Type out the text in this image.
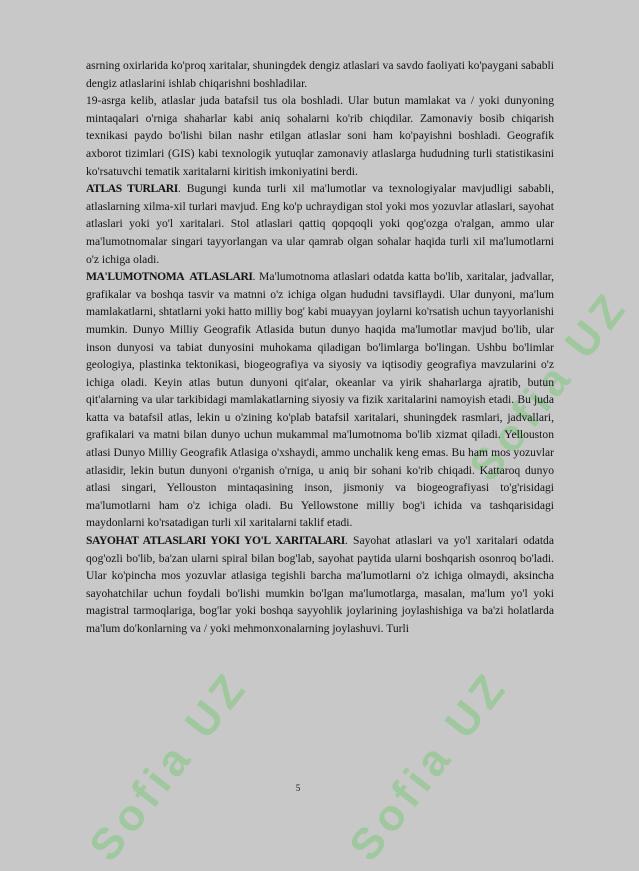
Sofia UZ Sofia UZ
Sofia UZ

asrning oxirlarida ko'proq xaritalar, shuningdek dengiz atlaslari va savdo faoliyati ko'paygani sababli dengiz atlaslarini ishlab chiqarishni boshladilar.

19-asrga kelib, atlaslar juda batafsil tus ola boshladi. Ular butun mamlakat va / yoki dunyoning mintaqalari o'rniga shaharlar kabi aniq sohalarni ko'rib chiqdilar. Zamonaviy bosib chiqarish texnikasi paydo bo'lishi bilan nashr etilgan atlaslar soni ham ko'payishni boshladi. Geografik axborot tizimlari (GIS) kabi texnologik yutuqlar zamonaviy atlaslarga hududning turli statistikasini ko'rsatuvchi tematik xaritalarni kiritish imkoniyatini berdi.

ATLAS TURLARI. Bugungi kunda turli xil ma'lumotlar va texnologiyalar mavjudligi sababli, atlaslarning xilma-xil turlari mavjud. Eng ko'p uchraydigan stol yoki mos yozuvlar atlaslari, sayohat atlaslari yoki yo'l xaritalari. Stol atlaslari qattiq qopqoqli yoki qog'ozga o'ralgan, ammo ular ma'lumotnomalar singari tayyorlangan va ular qamrab olgan sohalar haqida turli xil ma'lumotlarni o'z ichiga oladi.

MA'LUMOTNOMA  ATLASLARI. Ma'lumotnoma atlaslari odatda katta bo'lib, xaritalar, jadvallar, grafikalar va boshqa tasvir va matnni o'z ichiga olgan hududni tavsiflaydi. Ular dunyoni, ma'lum mamlakatlarni, shtatlarni yoki hatto milliy bog' kabi muayyan joylarni ko'rsatish uchun tayyorlanishi mumkin. Dunyo Milliy Geografik Atlasida butun dunyo haqida ma'lumotlar mavjud bo'lib, ular inson dunyosi va tabiat dunyosini muhokama qiladigan bo'limlarga bo'lingan. Ushbu bo'limlar geologiya, plastinka tektonikasi, biogeografiya va siyosiy va iqtisodiy geografiya mavzularini o'z ichiga oladi. Keyin atlas butun dunyoni qit'alar, okeanlar va yirik shaharlarga ajratib, butun qit'alarning va ular tarkibidagi mamlakatlarning siyosiy va fizik xaritalarini namoyish etadi. Bu juda katta va batafsil atlas, lekin u o'zining ko'plab batafsil xaritalari, shuningdek rasmlari, jadvallari, grafikalari va matni bilan dunyo uchun mukammal ma'lumotnoma bo'lib xizmat qiladi. Yellouston atlasi Dunyo Milliy Geografik Atlasiga o'xshaydi, ammo unchalik keng emas. Bu ham mos yozuvlar atlasidir, lekin butun dunyoni o'rganish o'rniga, u aniq bir sohani ko'rib chiqadi. Kattaroq dunyo atlasi singari, Yellouston mintaqasining inson, jismoniy va biogeografiyasi to'g'risidagi ma'lumotlarni ham o'z ichiga oladi. Bu Yellowstone milliy bog'i ichida va tashqarisidagi maydonlarni ko'rsatadigan turli xil xaritalarni taklif etadi.

SAYOHAT ATLASLARI YOKI YO'L XARITALARI. Sayohat atlaslari va yo'l xaritalari odatda qog'ozli bo'lib, ba'zan ularni spiral bilan bog'lab, sayohat paytida ularni boshqarish osonroq bo'ladi. Ular ko'pincha mos yozuvlar atlasiga tegishli barcha ma'lumotlarni o'z ichiga olmaydi, aksincha sayohatchilar uchun foydali bo'lishi mumkin bo'lgan ma'lumotlarga, masalan, ma'lum yo'l yoki magistral tarmoqlariga, bog'lar yoki boshqa sayyohlik joylarining joylashishiga va ba'zi holatlarda ma'lum do'konlarning va / yoki mehmonxonalarning joylashuvi. Turli

5
